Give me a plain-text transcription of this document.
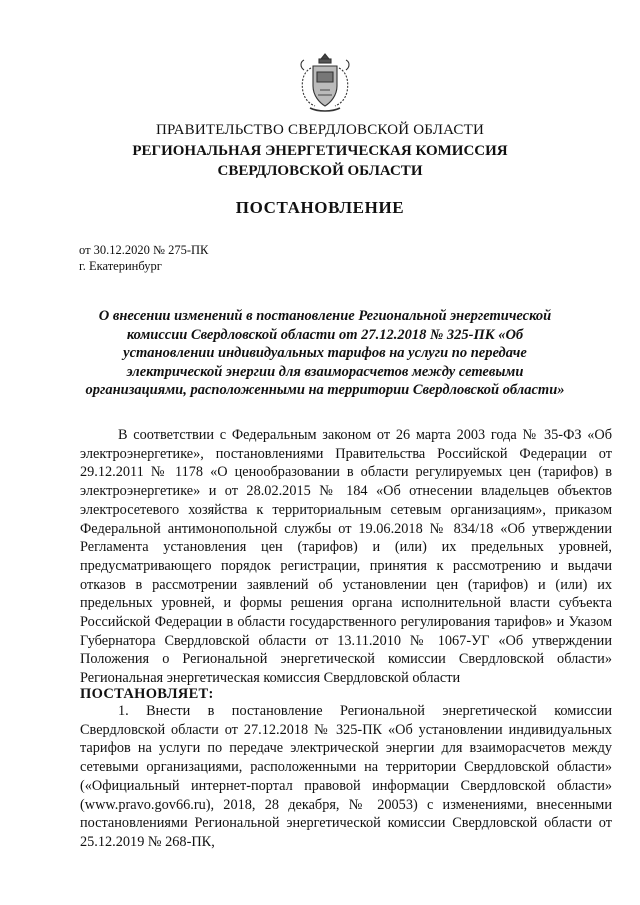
ПРАВИТЕЛЬСТВО СВЕРДЛОВСКОЙ ОБЛАСТИ
РЕГИОНАЛЬНАЯ ЭНЕРГЕТИЧЕСКАЯ КОМИССИЯ
СВЕРДЛОВСКОЙ ОБЛАСТИ
ПОСТАНОВЛЕНИЕ
от 30.12.2020 № 275-ПК
г. Екатеринбург
О внесении изменений в постановление Региональной энергетической комиссии Свердловской области от 27.12.2018 № 325-ПК «Об установлении индивидуальных тарифов на услуги по передаче электрической энергии для взаиморасчетов между сетевыми организациями, расположенными на территории Свердловской области»
В соответствии с Федеральным законом от 26 марта 2003 года № 35-ФЗ «Об электроэнергетике», постановлениями Правительства Российской Федерации от 29.12.2011 № 1178 «О ценообразовании в области регулируемых цен (тарифов) в электроэнергетике» и от 28.02.2015 № 184 «Об отнесении владельцев объектов электросетевого хозяйства к территориальным сетевым организациям», приказом Федеральной антимонопольной службы от 19.06.2018 № 834/18 «Об утверждении Регламента установления цен (тарифов) и (или) их предельных уровней, предусматривающего порядок регистрации, принятия к рассмотрению и выдачи отказов в рассмотрении заявлений об установлении цен (тарифов) и (или) их предельных уровней, и формы решения органа исполнительной власти субъекта Российской Федерации в области государственного регулирования тарифов» и Указом Губернатора Свердловской области от 13.11.2010 № 1067-УГ «Об утверждении Положения о Региональной энергетической комиссии Свердловской области» Региональная энергетическая комиссия Свердловской области
ПОСТАНОВЛЯЕТ:
1. Внести в постановление Региональной энергетической комиссии Свердловской области от 27.12.2018 № 325-ПК «Об установлении индивидуальных тарифов на услуги по передаче электрической энергии для взаиморасчетов между сетевыми организациями, расположенными на территории Свердловской области» («Официальный интернет-портал правовой информации Свердловской области» (www.pravo.gov66.ru), 2018, 28 декабря, № 20053) с изменениями, внесенными постановлениями Региональной энергетической комиссии Свердловской области от 25.12.2019 № 268-ПК,
